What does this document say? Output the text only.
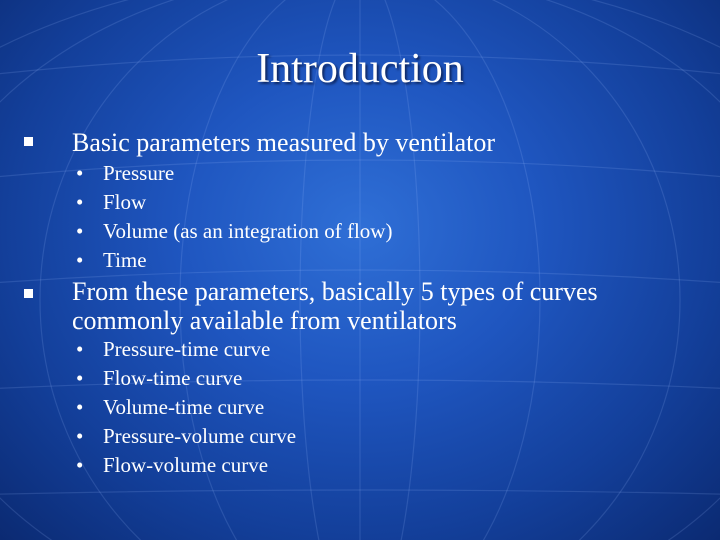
Introduction
Basic parameters measured by ventilator
• Pressure
• Flow
• Volume (as an integration of flow)
• Time
From these parameters, basically 5 types of curves
commonly available from ventilators
• Pressure-time curve
• Flow-time curve
• Volume-time curve
• Pressure-volume curve
• Flow-volume curve
